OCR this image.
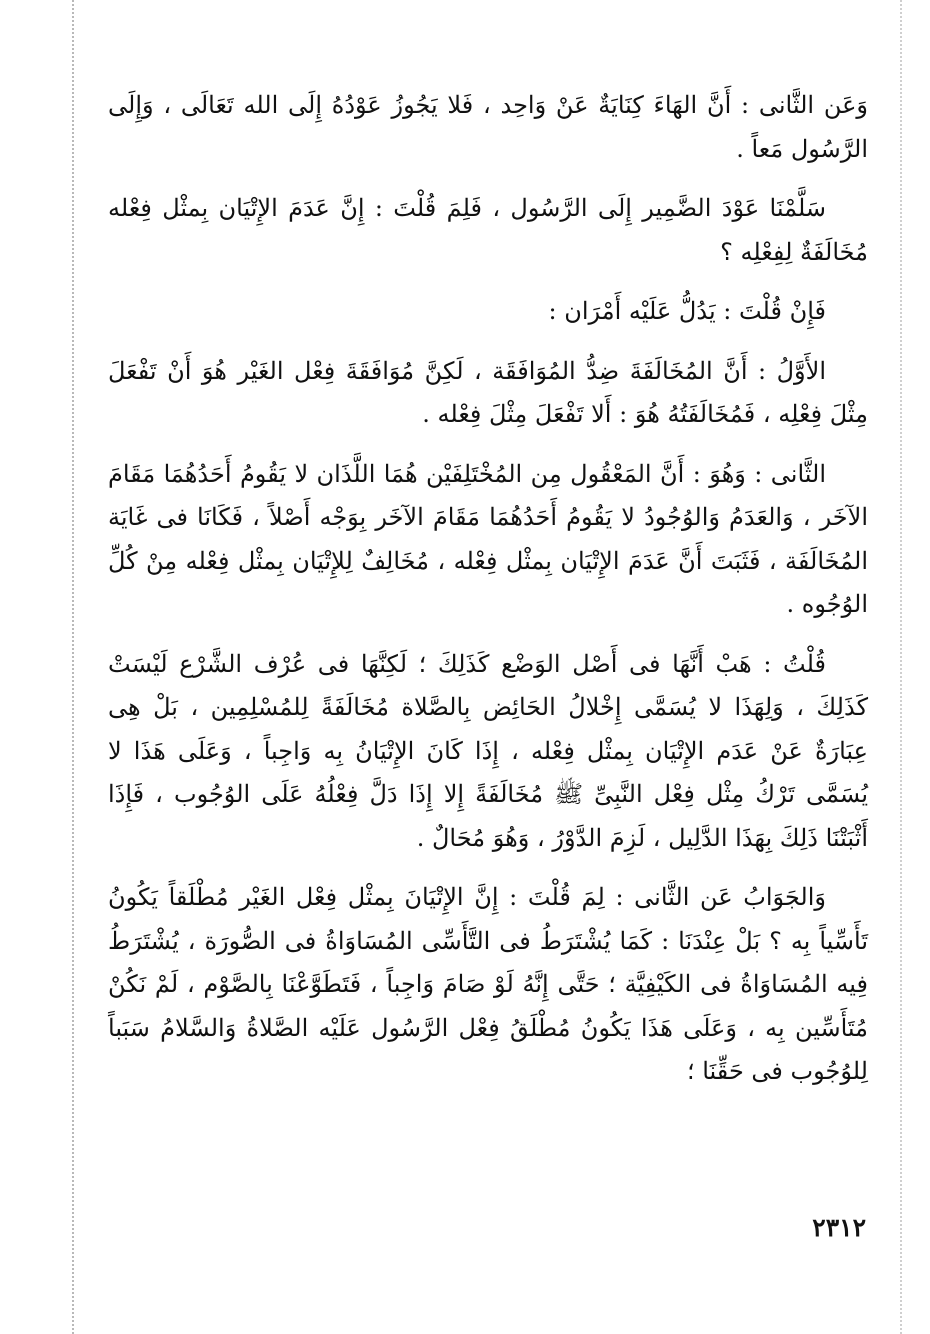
وَعَن الثَّانى : أَنَّ الهَاءَ كِنَايَةٌ عَنْ وَاحِد ، فَلا يَجُوزُ عَوْدُهُ إِلَى الله تَعَالَى ، وَإِلَى الرَّسُول مَعاً .

سَلَّمْنَا عَوْدَ الضَّمِير إِلَى الرَّسُول ، فَلِمَ قُلْتَ : إِنَّ عَدَمَ الإِتْيَان بِمثْل فِعْله مُخَالَفَةٌ لِفِعْلِه ؟

فَإِنْ قُلْتَ : يَدُلُّ عَلَيْه أَمْرَان :

الأَوَّلُ : أَنَّ المُخَالَفَةَ ضِدُّ المُوَافَقَة ، لَكِنَّ مُوَافَقَةَ فِعْل الغَيْر هُوَ أَنْ تَفْعَلَ مِثْلَ فِعْلِه ، فَمُخَالَفَتُهُ هُوَ : أَلا تَفْعَلَ مِثْلَ فِعْله .

الثَّانى : وَهُوَ : أَنَّ المَعْقُول مِن المُخْتَلِفَيْن هُمَا اللَّذَان لا يَقُومُ أَحَدُهُمَا مَقَامَ الآخَر ، وَالعَدَمُ وَالوُجُودُ لا يَقُومُ أَحَدُهُمَا مَقَامَ الآخَر بِوَجْه أَصْلاً ، فَكَانَا فى غَايَة المُخَالَفَة ، فَثَبَتَ أَنَّ عَدَمَ الإِتْيَان بِمثْل فِعْله ، مُخَالِفٌ لِلإِتْيَان بِمثْل فِعْله مِنْ كُلِّ الوُجُوه .

قُلْتُ : هَبْ أَنَّهَا فى أَصْل الوَضْع كَذَلِكَ ؛ لَكِنَّهَا فى عُرْف الشَّرْع لَيْسَتْ كَذَلِكَ ، وَلِهَذَا لا يُسَمَّى إِخْلالُ الحَائِض بِالصَّلاة مُخَالَفَةً لِلمُسْلِمِين ، بَلْ هِى عِبَارَةٌ عَنْ عَدَم الإِتْيَان بِمثْل فِعْله ، إِذَا كَانَ الإِتْيَانُ بِه وَاجِباً ، وَعَلَى هَذَا لا يُسَمَّى تَرْكُ مِثْل فِعْل النَّبِىِّ ﷺ مُخَالَفَةً إِلا إِذَا دَلَّ فِعْلُهُ عَلَى الوُجُوب ، فَإِذَا أَثْبَتْنَا ذَلِكَ بِهَذَا الدَّلِيل ، لَزِمَ الدَّوْرُ ، وَهُوَ مُحَالٌ .

وَالجَوَابُ عَن الثَّانى : لِمَ قُلْتَ : إِنَّ الإِتْيَانَ بِمثْل فِعْل الغَيْر مُطْلَقاً يَكُونُ تَأَسِّياً بِه ؟ بَلْ عِنْدَنَا : كَمَا يُشْتَرَطُ فى التَّأَسِّى المُسَاوَاةُ فى الصُّورَة ، يُشْتَرَطُ فِيه المُسَاوَاةُ فى الكَيْفِيَّة ؛ حَتَّى إِنَّهُ لَوْ صَامَ وَاجِباً ، فَتَطَوَّعْنَا بِالصَّوْم ، لَمْ نَكُنْ مُتَأَسِّين بِه ، وَعَلَى هَذَا يَكُونُ مُطْلَقُ فِعْل الرَّسُول عَلَيْه الصَّلاةُ وَالسَّلامُ سَبَباً لِلوُجُوب فى حَقِّنَا ؛

٢٣١٢
